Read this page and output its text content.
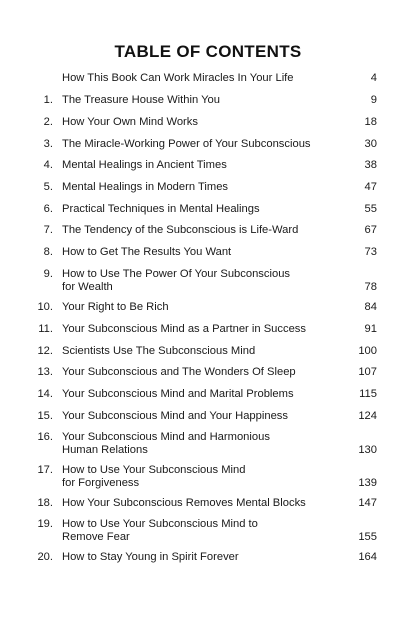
TABLE OF CONTENTS
How This Book Can Work Miracles In Your Life	4
1. The Treasure House Within You	9
2. How Your Own Mind Works	18
3. The Miracle-Working Power of Your Subconscious	30
4. Mental Healings in Ancient Times	38
5. Mental Healings in Modern Times	47
6. Practical Techniques in Mental Healings	55
7. The Tendency of the Subconscious is Life-Ward	67
8. How to Get The Results You Want	73
9. How to Use The Power Of Your Subconscious
for Wealth	78
10. Your Right to Be Rich	84
11. Your Subconscious Mind as a Partner in Success	91
12. Scientists Use The Subconscious Mind	100
13. Your Subconscious and The Wonders Of Sleep	107
14. Your Subconscious Mind and Marital Problems	115
15. Your Subconscious Mind and Your Happiness	124
16. Your Subconscious Mind and Harmonious
Human Relations	130
17. How to Use Your Subconscious Mind
for Forgiveness	139
18. How Your Subconscious Removes Mental Blocks	147
19. How to Use Your Subconscious Mind to
Remove Fear	155
20. How to Stay Young in Spirit Forever	164
